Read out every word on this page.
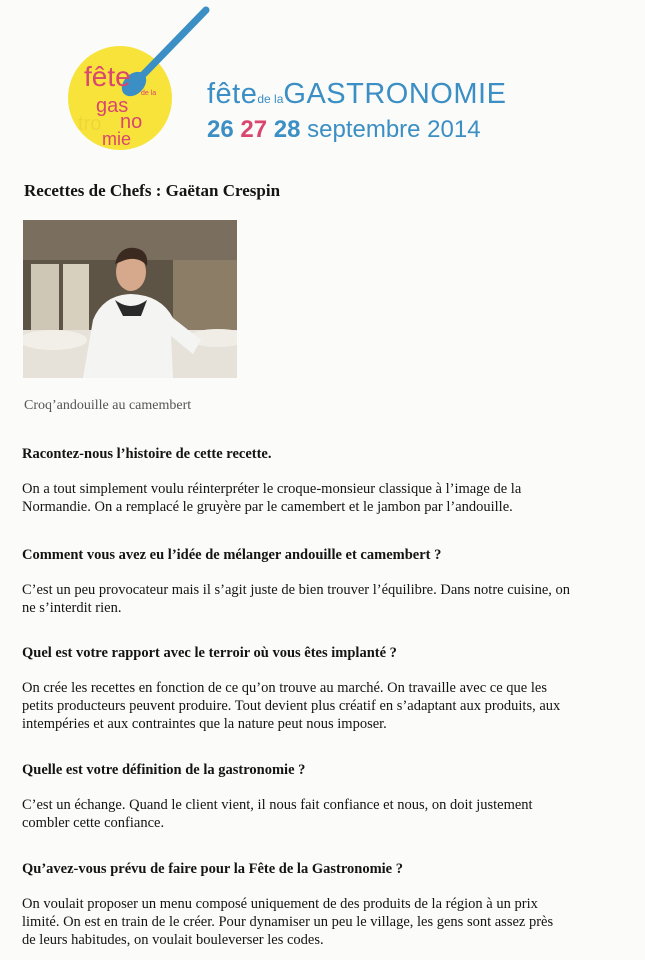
fête
de la
gas
tro no
mie
fêtede laGASTRONOMIE
26 27 28 septembre 2014
Recettes de Chefs : Gaëtan Crespin
Croq’andouille au camembert
Racontez-nous l’histoire de cette recette.
On a tout simplement voulu réinterpréter le croque-monsieur classique à l’image de la
Normandie. On a remplacé le gruyère par le camembert et le jambon par l’andouille.
Comment vous avez eu l’idée de mélanger andouille et camembert ?
C’est un peu provocateur mais il s’agit juste de bien trouver l’équilibre. Dans notre cuisine, on
ne s’interdit rien.
Quel est votre rapport avec le terroir où vous êtes implanté ?
On crée les recettes en fonction de ce qu’on trouve au marché. On travaille avec ce que les
petits producteurs peuvent produire. Tout devient plus créatif en s’adaptant aux produits, aux
intempéries et aux contraintes que la nature peut nous imposer.
Quelle est votre définition de la gastronomie ?
C’est un échange. Quand le client vient, il nous fait confiance et nous, on doit justement
combler cette confiance.
Qu’avez-vous prévu de faire pour la Fête de la Gastronomie ?
On voulait proposer un menu composé uniquement de des produits de la région à un prix
limité. On est en train de le créer. Pour dynamiser un peu le village, les gens sont assez près
de leurs habitudes, on voulait bouleverser les codes.
